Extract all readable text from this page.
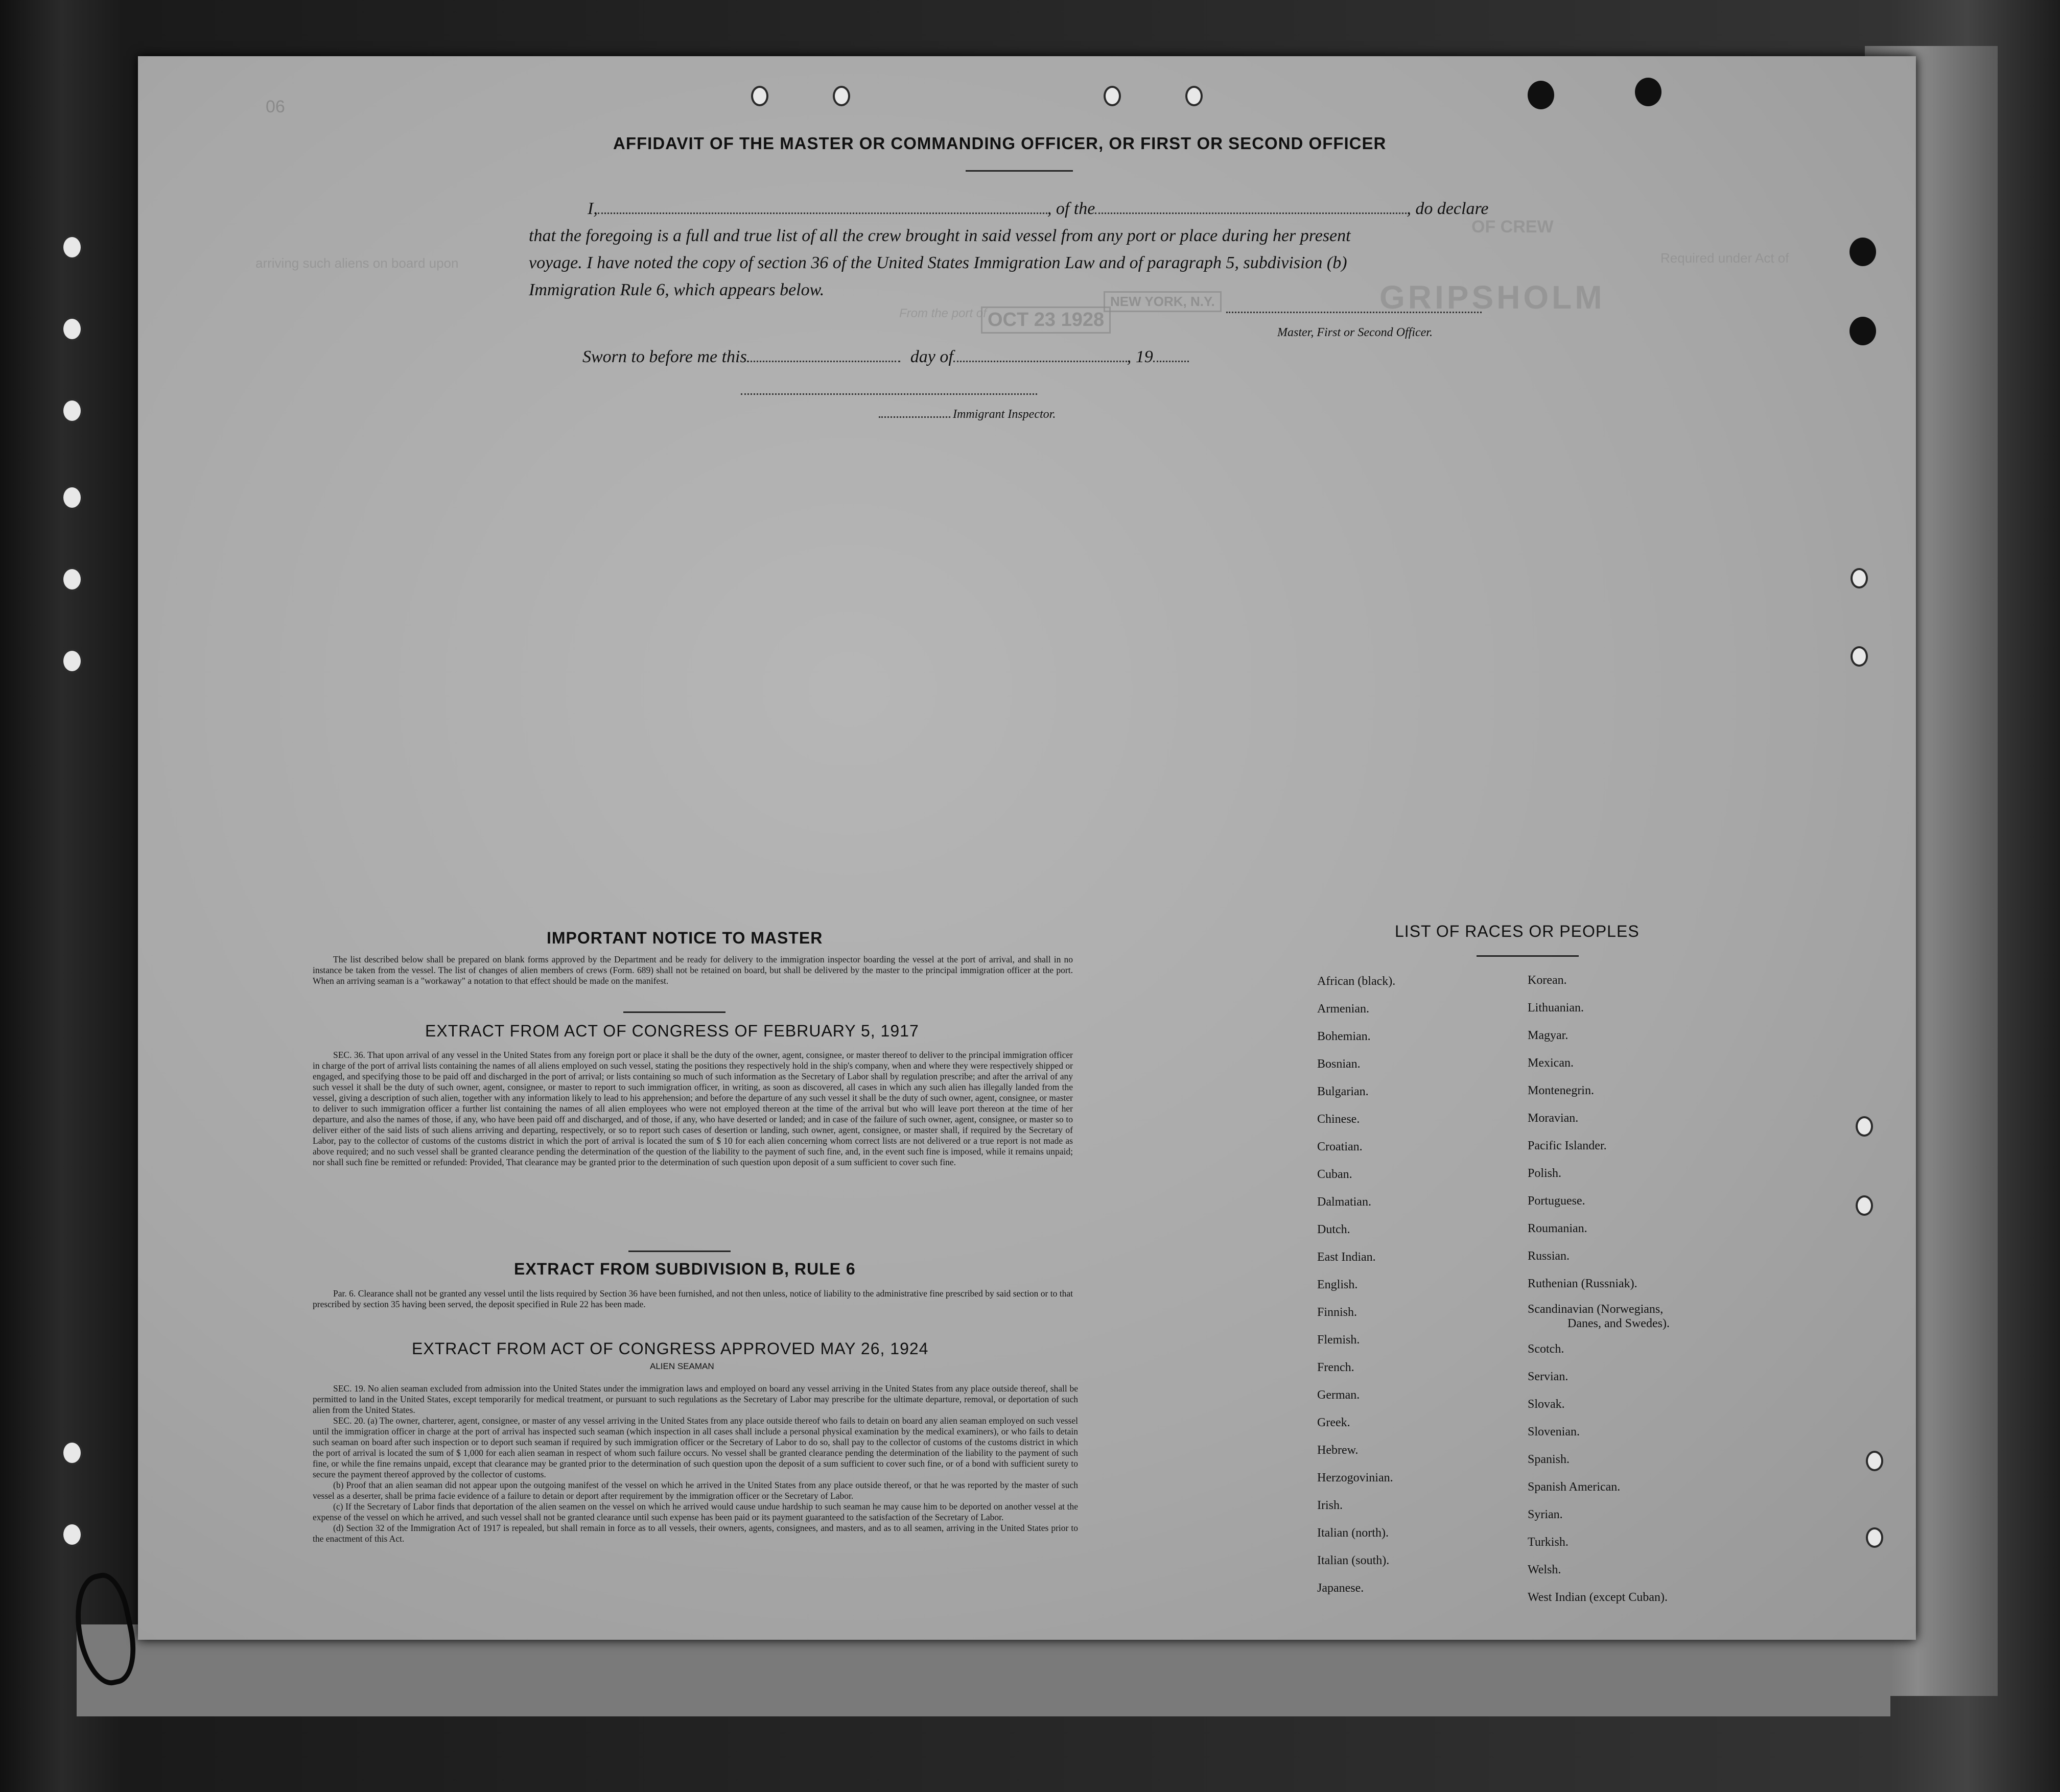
OF CREW
Required under Act of
arriving such aliens on board upon
GRIPSHOLM
NEW YORK, N.Y.
OCT 23 1928
From the port of
06
AFFIDAVIT OF THE MASTER OR COMMANDING OFFICER, OR FIRST OR SECOND OFFICER
I,	, of the	, do declare
that the foregoing is a full and true list of all the crew brought in said vessel from any port or place during her present
voyage. I have noted the copy of section 36 of the United States Immigration Law and of paragraph 5, subdivision (b)
Immigration Rule 6, which appears below.
Master, First or Second Officer.
Sworn to before me this	day of	, 19
Immigrant Inspector.
IMPORTANT NOTICE TO MASTER

The list described below shall be prepared on blank forms approved by the Department and be ready for delivery to the immigration inspector boarding the vessel at the port of arrival, and shall in no instance be taken from the vessel. The list of changes of alien members of crews (Form. 689) shall not be retained on board, but shall be delivered by the master to the principal immigration officer at the port. When an arriving seaman is a "workaway" a notation to that effect should be made on the manifest.

EXTRACT FROM ACT OF CONGRESS OF FEBRUARY 5, 1917

SEC. 36. That upon arrival of any vessel in the United States from any foreign port or place it shall be the duty of the owner, agent, consignee, or master thereof to deliver to the principal immigration officer in charge of the port of arrival lists containing the names of all aliens employed on such vessel, stating the positions they respectively hold in the ship's company, when and where they were respectively shipped or engaged, and specifying those to be paid off and discharged in the port of arrival; or lists containing so much of such information as the Secretary of Labor shall by regulation prescribe; and after the arrival of any such vessel it shall be the duty of such owner, agent, consignee, or master to report to such immigration officer, in writing, as soon as discovered, all cases in which any such alien has illegally landed from the vessel, giving a description of such alien, together with any information likely to lead to his apprehension; and before the departure of any such vessel it shall be the duty of such owner, agent, consignee, or master to deliver to such immigration officer a further list containing the names of all alien employees who were not employed thereon at the time of the arrival but who will leave port thereon at the time of her departure, and also the names of those, if any, who have been paid off and discharged, and of those, if any, who have deserted or landed; and in case of the failure of such owner, agent, consignee, or master so to deliver either of the said lists of such aliens arriving and departing, respectively, or so to report such cases of desertion or landing, such owner, agent, consignee, or master shall, if required by the Secretary of Labor, pay to the collector of customs of the customs district in which the port of arrival is located the sum of $ 10 for each alien concerning whom correct lists are not delivered or a true report is not made as above required; and no such vessel shall be granted clearance pending the determination of the question of the liability to the payment of such fine, and, in the event such fine is imposed, while it remains unpaid; nor shall such fine be remitted or refunded: Provided, That clearance may be granted prior to the determination of such question upon deposit of a sum sufficient to cover such fine.

EXTRACT FROM SUBDIVISION B, RULE 6

Par. 6. Clearance shall not be granted any vessel until the lists required by Section 36 have been furnished, and not then unless, notice of liability to the administrative fine prescribed by said section or to that prescribed by section 35 having been served, the deposit specified in Rule 22 has been made.

EXTRACT FROM ACT OF CONGRESS APPROVED MAY 26, 1924
ALIEN SEAMAN

SEC. 19. No alien seaman excluded from admission into the United States under the immigration laws and employed on board any vessel arriving in the United States from any place outside thereof, shall be permitted to land in the United States, except temporarily for medical treatment, or pursuant to such regulations as the Secretary of Labor may prescribe for the ultimate departure, removal, or deportation of such alien from the United States.

SEC. 20. (a) The owner, charterer, agent, consignee, or master of any vessel arriving in the United States from any place outside thereof who fails to detain on board any alien seaman employed on such vessel until the immigration officer in charge at the port of arrival has inspected such seaman (which inspection in all cases shall include a personal physical examination by the medical examiners), or who fails to detain such seaman on board after such inspection or to deport such seaman if required by such immigration officer or the Secretary of Labor to do so, shall pay to the collector of customs of the customs district in which the port of arrival is located the sum of $ 1,000 for each alien seaman in respect of whom such failure occurs. No vessel shall be granted clearance pending the determination of the liability to the payment of such fine, or while the fine remains unpaid, except that clearance may be granted prior to the determination of such question upon the deposit of a sum sufficient to cover such fine, or of a bond with sufficient surety to secure the payment thereof approved by the collector of customs.

(b) Proof that an alien seaman did not appear upon the outgoing manifest of the vessel on which he arrived in the United States from any place outside thereof, or that he was reported by the master of such vessel as a deserter, shall be prima facie evidence of a failure to detain or deport after requirement by the immigration officer or the Secretary of Labor.

(c) If the Secretary of Labor finds that deportation of the alien seamen on the vessel on which he arrived would cause undue hardship to such seaman he may cause him to be deported on another vessel at the expense of the vessel on which he arrived, and such vessel shall not be granted clearance until such expense has been paid or its payment guaranteed to the satisfaction of the Secretary of Labor.

(d) Section 32 of the Immigration Act of 1917 is repealed, but shall remain in force as to all vessels, their owners, agents, consignees, and masters, and as to all seamen, arriving in the United States prior to the enactment of this Act.

LIST OF RACES OR PEOPLES
African (black).
Armenian.
Bohemian.
Bosnian.
Bulgarian.
Chinese.
Croatian.
Cuban.
Dalmatian.
Dutch.
East Indian.
English.
Finnish.
Flemish.
French.
German.
Greek.
Hebrew.
Herzogovinian.
Irish.
Italian (north).
Italian (south).
Japanese.
Korean.
Lithuanian.
Magyar.
Mexican.
Montenegrin.
Moravian.
Pacific Islander.
Polish.
Portuguese.
Roumanian.
Russian.
Ruthenian (Russniak).
Scandinavian (Norwegians,
Danes, and Swedes).
Scotch.
Servian.
Slovak.
Slovenian.
Spanish.
Spanish American.
Syrian.
Turkish.
Welsh.
West Indian (except Cuban).
